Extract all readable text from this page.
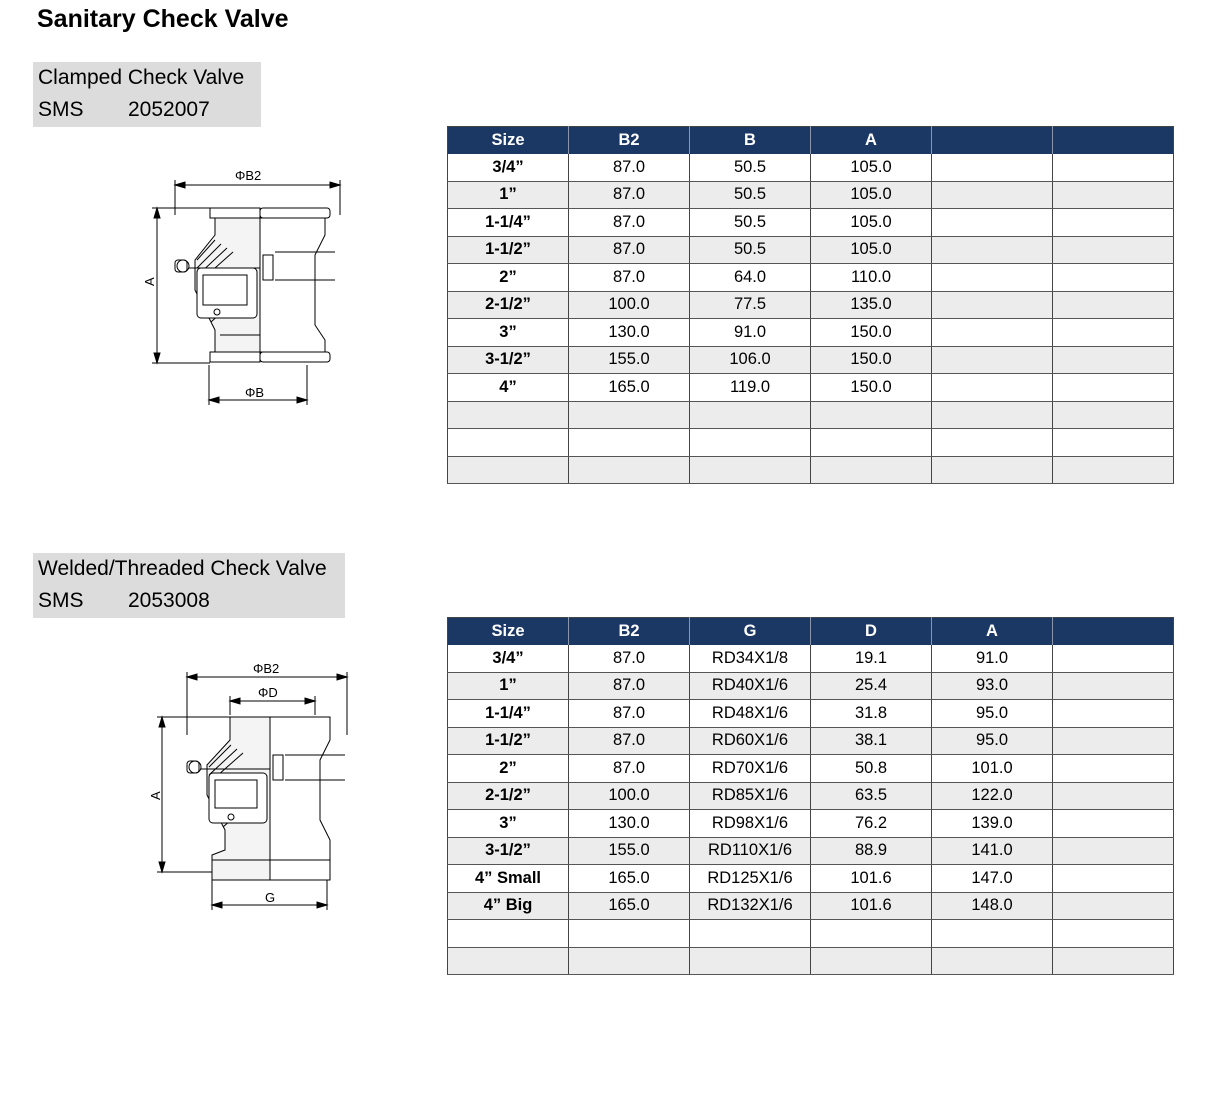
Sanitary Check Valve
Clamped Check Valve
SMS	2052007
ΦB2
ΦB
A
Size	B2	B	A		
3/4”	87.0	50.5	105.0		
1”	87.0	50.5	105.0		
1-1/4”	87.0	50.5	105.0		
1-1/2”	87.0	50.5	105.0		
2”	87.0	64.0	110.0		
2-1/2”	100.0	77.5	135.0		
3”	130.0	91.0	150.0		
3-1/2”	155.0	106.0	150.0		
4”	165.0	119.0	150.0		

Welded/Threaded Check Valve
SMS	2053008
ΦB2
ΦD
G
A
Size	B2	G	D	A	
3/4”	87.0	RD34X1/8	19.1	91.0	
1”	87.0	RD40X1/6	25.4	93.0	
1-1/4”	87.0	RD48X1/6	31.8	95.0	
1-1/2”	87.0	RD60X1/6	38.1	95.0	
2”	87.0	RD70X1/6	50.8	101.0	
2-1/2”	100.0	RD85X1/6	63.5	122.0	
3”	130.0	RD98X1/6	76.2	139.0	
3-1/2”	155.0	RD110X1/6	88.9	141.0	
4” Small	165.0	RD125X1/6	101.6	147.0	
4” Big	165.0	RD132X1/6	101.6	148.0	
